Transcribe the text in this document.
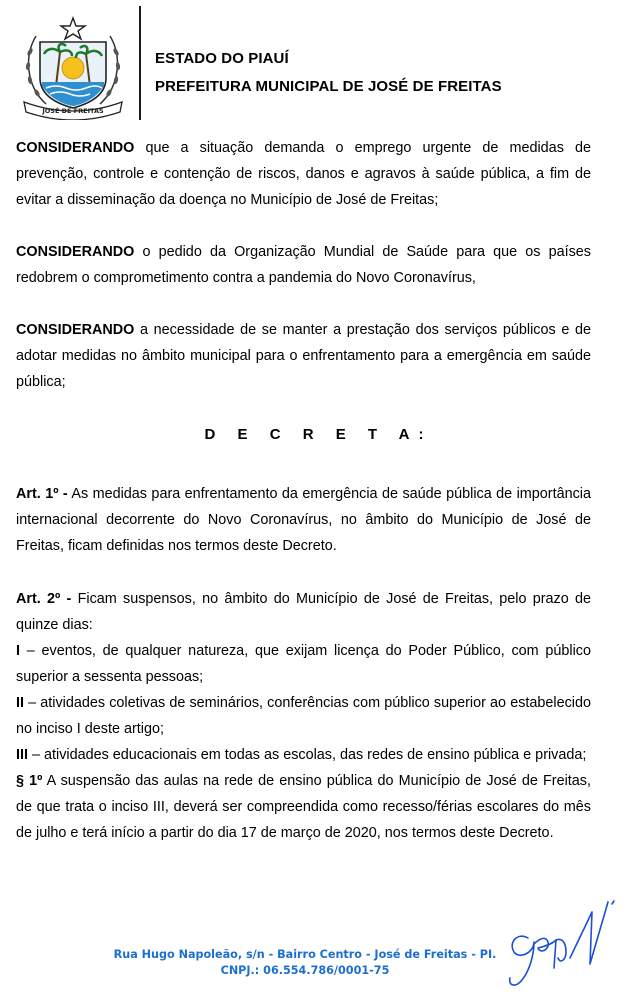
JOSÉ DE FREITAS
ESTADO DO PIAUÍ
PREFEITURA MUNICIPAL DE JOSÉ DE FREITAS

CONSIDERANDO que a situação demanda o emprego urgente de medidas de prevenção, controle e contenção de riscos, danos e agravos à saúde pública, a fim de evitar a disseminação da doença no Município de José de Freitas;

CONSIDERANDO o pedido da Organização Mundial de Saúde para que os países redobrem o comprometimento contra a pandemia do Novo Coronavírus,

CONSIDERANDO a necessidade de se manter a prestação dos serviços públicos e de adotar medidas no âmbito municipal para o enfrentamento para a emergência em saúde pública;

D E C R E T A:

Art. 1º - As medidas para enfrentamento da emergência de saúde pública de importância internacional decorrente do Novo Coronavírus, no âmbito do Município de José de Freitas, ficam definidas nos termos deste Decreto.

Art. 2º - Ficam suspensos, no âmbito do Município de José de Freitas, pelo prazo de quinze dias:

I – eventos, de qualquer natureza, que exijam licença do Poder Público, com público superior a sessenta pessoas;

II – atividades coletivas de seminários, conferências com público superior ao estabelecido no inciso I deste artigo;

III – atividades educacionais em todas as escolas, das redes de ensino pública e privada;

§ 1º A suspensão das aulas na rede de ensino pública do Município de José de Freitas, de que trata o inciso III, deverá ser compreendida como recesso/férias escolares do mês de julho e terá início a partir do dia 17 de março de 2020, nos termos deste Decreto.

Rua Hugo Napoleão, s/n - Bairro Centro - José de Freitas - PI.
CNPJ.: 06.554.786/0001-75
